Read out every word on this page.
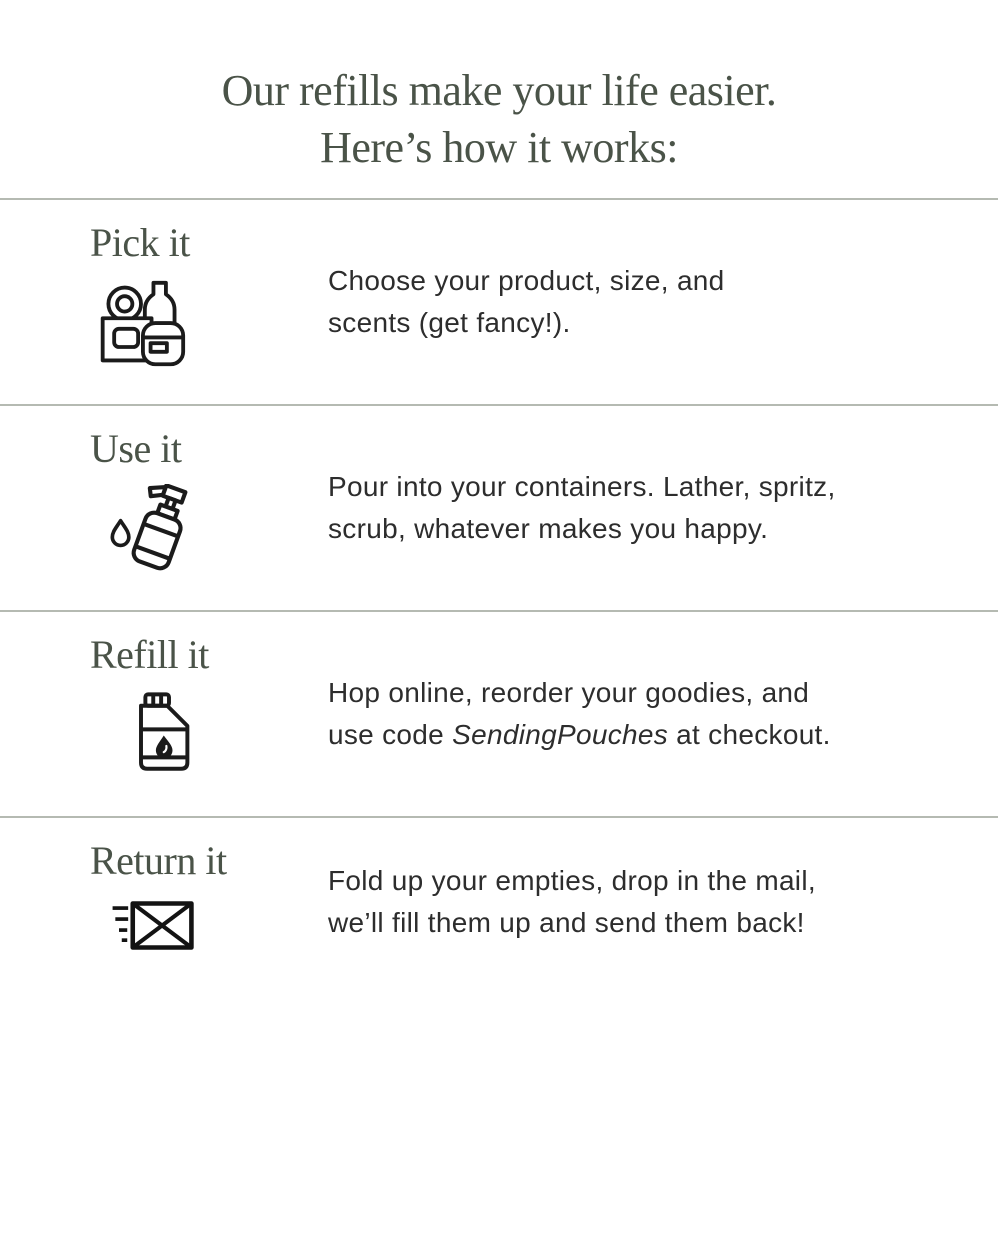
Our refills make your life easier.
Here’s how it works:
Pick it

Choose your product, size, and
scents (get fancy!).

Use it

Pour into your containers. Lather, spritz,
scrub, whatever makes you happy.

Refill it

Hop online, reorder your goodies, and
use code SendingPouches at checkout.

Return it	Fold up your empties, drop in the mail,
we’ll fill them up and send them back!
